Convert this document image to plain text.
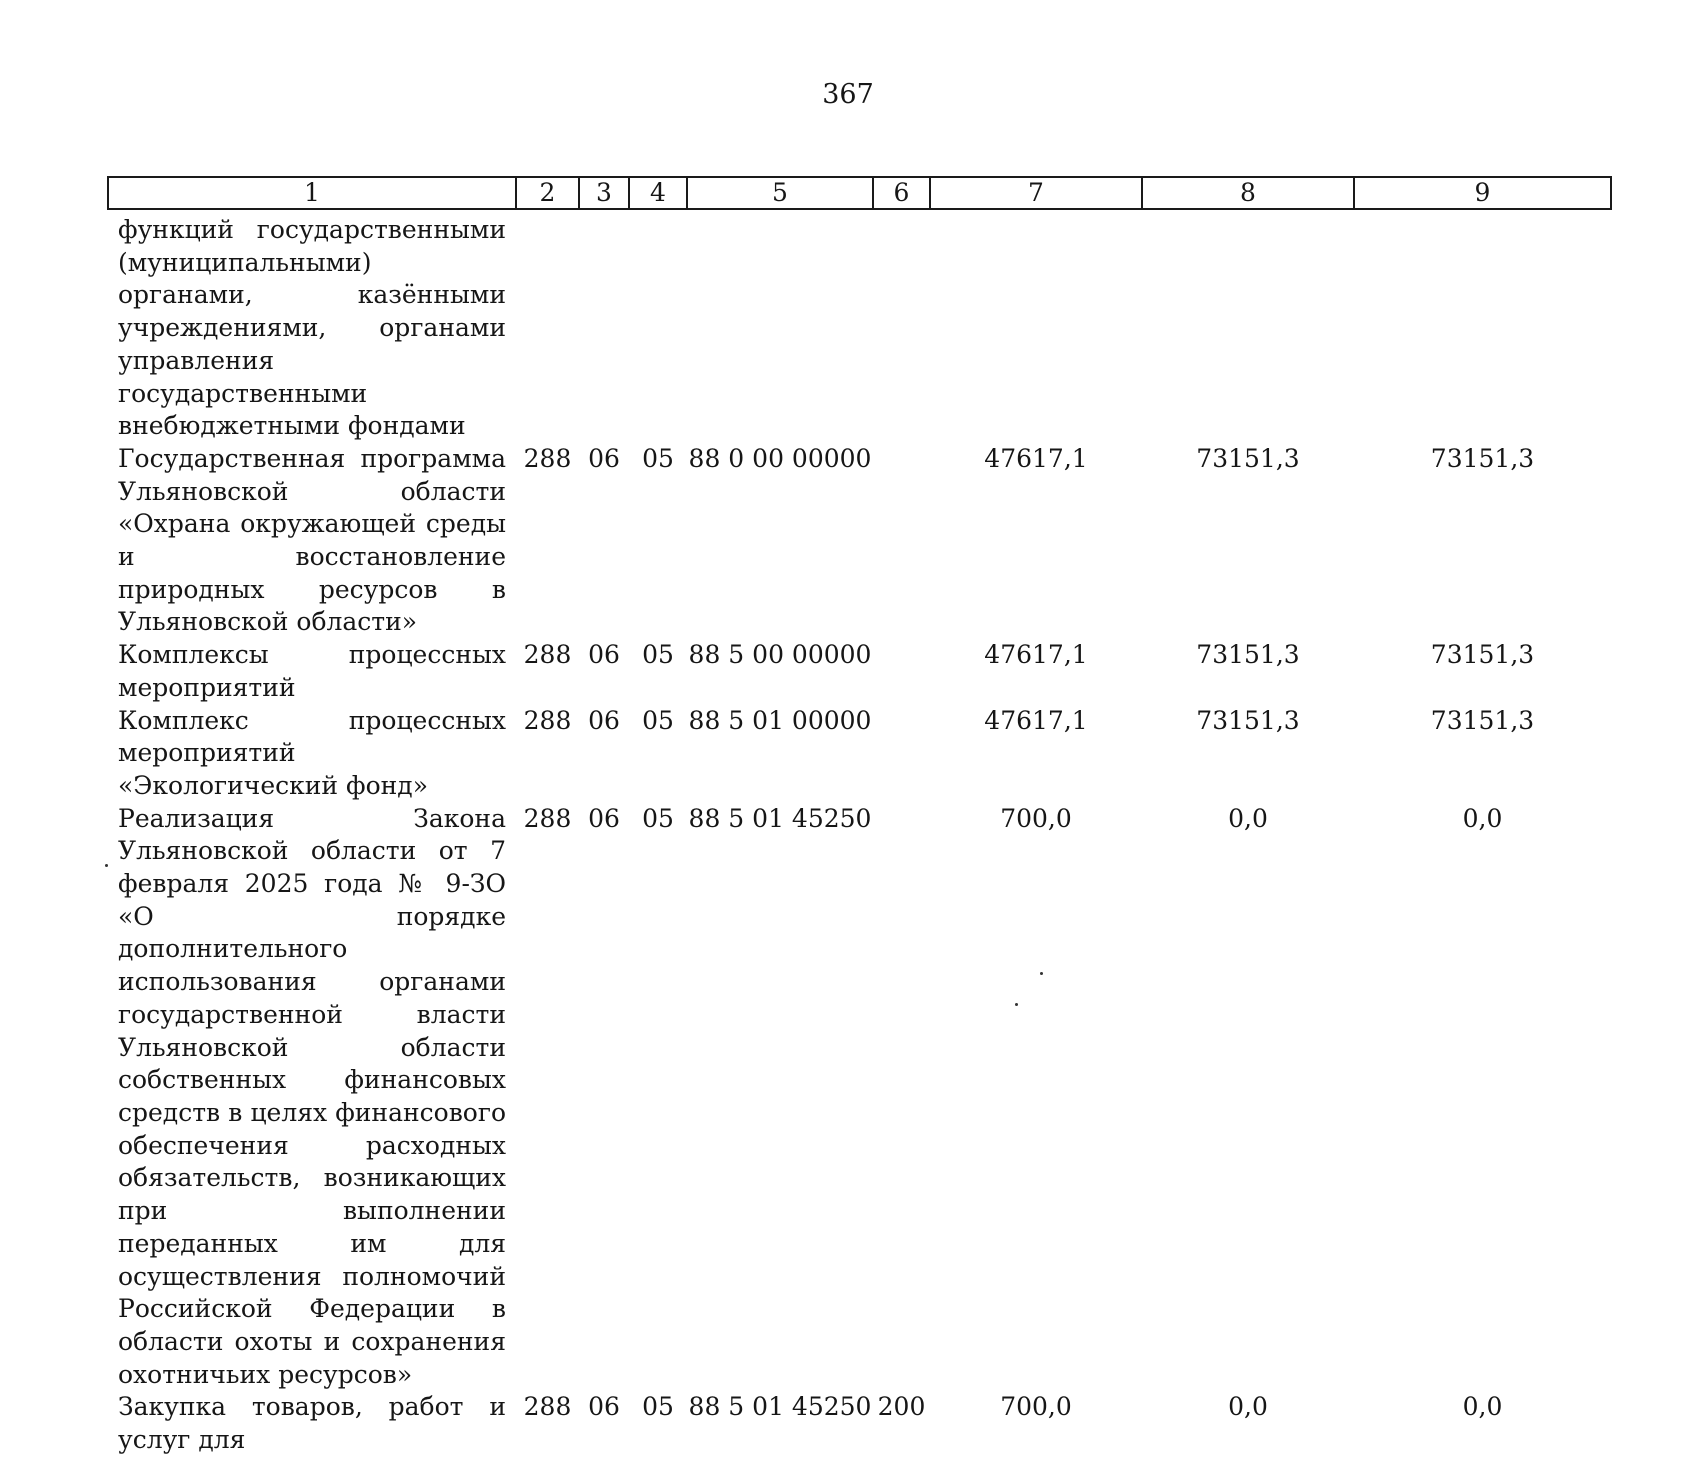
367
1	2	3	4	5	6	7	8	9
функций государственными (муниципальными) органами, казёнными учреждениями, органами управления государственными внебюджетными фондами								
Государственная программа Ульяновской области «Охрана окружающей среды и восстановление природных ресурсов в Ульяновской области»	288	06	05	88 0 00 00000		47617,1	73151,3	73151,3
Комплексы процессных мероприятий	288	06	05	88 5 00 00000		47617,1	73151,3	73151,3
Комплекс процессных мероприятий «Экологический фонд»	288	06	05	88 5 01 00000		47617,1	73151,3	73151,3
Реализация Закона Ульяновской области от 7 февраля 2025 года № 9-ЗО «О порядке дополнительного использования органами государственной власти Ульяновской области собственных финансовых средств в целях финансового обеспечения расходных обязательств, возникающих при выполнении переданных им для осуществления полномочий Российской Федерации в области охоты и сохранения охотничьих ресурсов»	288	06	05	88 5 01 45250		700,0	0,0	0,0
Закупка товаров, работ и услуг для	288	06	05	88 5 01 45250	200	700,0	0,0	0,0
